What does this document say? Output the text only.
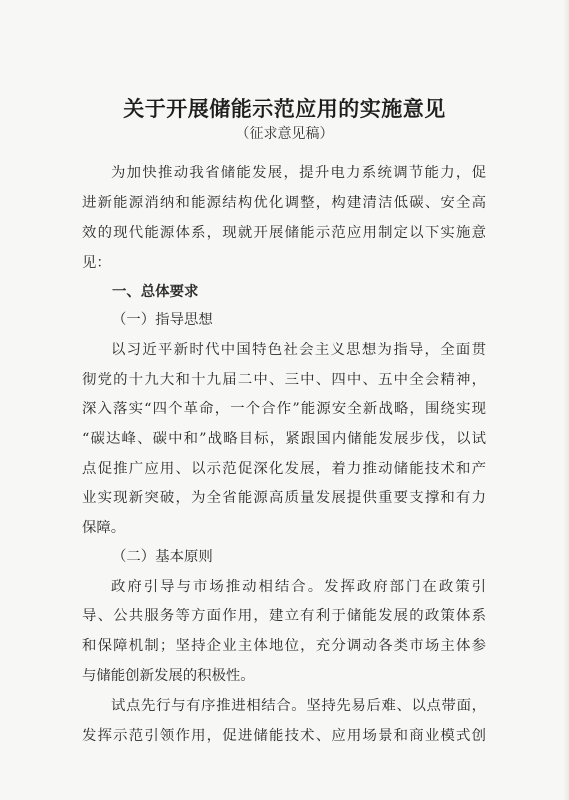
关于开展储能示范应用的实施意见
（征求意见稿）
为加快推动我省储能发展，提升电力系统调节能力，促
进新能源消纳和能源结构优化调整，构建清洁低碳、安全高
效的现代能源体系，现就开展储能示范应用制定以下实施意
见：
一、总体要求
（一）指导思想
以习近平新时代中国特色社会主义思想为指导，全面贯
彻党的十九大和十九届二中、三中、四中、五中全会精神，
深入落实“四个革命，一个合作”能源安全新战略，围绕实现
“碳达峰、碳中和”战略目标，紧跟国内储能发展步伐，以试
点促推广应用、以示范促深化发展，着力推动储能技术和产
业实现新突破，为全省能源高质量发展提供重要支撑和有力
保障。
（二）基本原则
政府引导与市场推动相结合。发挥政府部门在政策引
导、公共服务等方面作用，建立有利于储能发展的政策体系
和保障机制；坚持企业主体地位，充分调动各类市场主体参
与储能创新发展的积极性。
试点先行与有序推进相结合。坚持先易后难、以点带面，
发挥示范引领作用，促进储能技术、应用场景和商业模式创
